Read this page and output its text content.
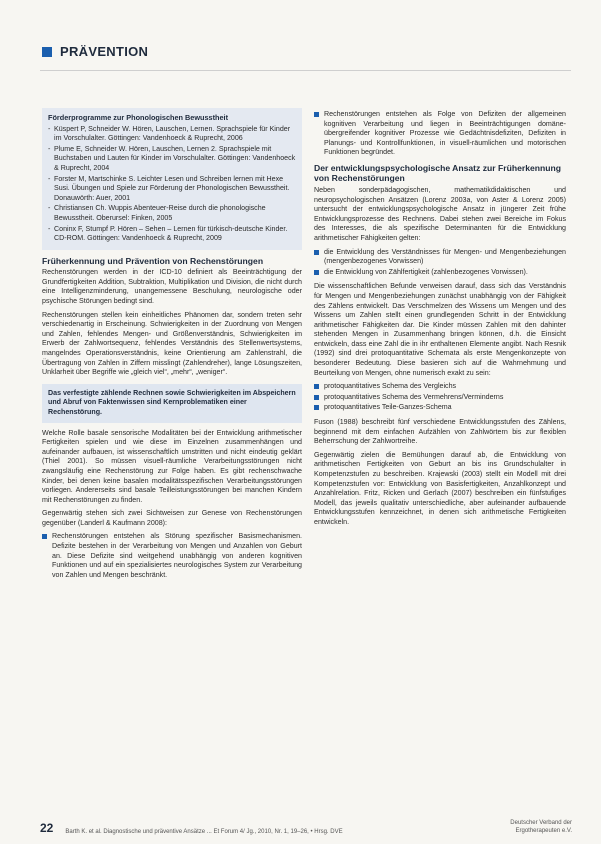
PRÄVENTION
Förderprogramme zur Phonologischen Bewusstheit
- Küspert P, Schneider W. Hören, Lauschen, Lernen. Sprachspiele für Kinder im Vorschulalter. Göttingen: Vandenhoeck & Ruprecht, 2006
- Plume E, Schneider W. Hören, Lauschen, Lernen 2. Sprachspiele mit Buchstaben und Lauten für Kinder im Vorschulalter. Göttingen: Vandenhoeck & Ruprecht, 2004
- Forster M, Martschinke S. Leichter Lesen und Schreiben lernen mit Hexe Susi. Übungen und Spiele zur Förderung der Phonologischen Bewusstheit. Donauwörth: Auer, 2001
- Christiansen Ch. Wuppis Abenteuer-Reise durch die phonologische Bewusstheit. Oberursel: Finken, 2005
- Coninx F, Stumpf P. Hören – Sehen – Lernen für türkisch-deutsche Kinder. CD-ROM. Göttingen: Vandenhoeck & Ruprecht, 2009
Früherkennung und Prävention von Rechenstörungen

Rechenstörungen werden in der ICD-10 definiert als Beeinträchtigung der Grundfertigkeiten Addition, Subtraktion, Multiplikation und Division, die nicht durch eine Intelligenzminderung, unangemessene Beschulung, neurologische oder psychische Störungen bedingt sind.

Rechenstörungen stellen kein einheitliches Phänomen dar, sondern treten sehr verschiedenartig in Erscheinung. Schwierigkeiten in der Zuordnung von Mengen und Zahlen, fehlendes Mengen- und Größenverständnis, Schwierigkeiten im Erwerb der Zahlwortsequenz, fehlendes Verständnis des Stellenwertsystems, mangelndes Operationsverständnis, keine Orientierung am Zahlenstrahl, die Übertragung von Zahlen in Ziffern misslingt (Zahlendreher), lange Lösungszeiten, Unklarheit über Begriffe wie „gleich viel“, „mehr“, „weniger“.

Das verfestigte zählende Rechnen sowie Schwierigkeiten im Abspeichern und Abruf von Faktenwissen sind Kernproblematiken einer Rechenstörung.

Welche Rolle basale sensorische Modalitäten bei der Entwicklung arithmetischer Fertigkeiten spielen und wie diese im Einzelnen zusammenhängen und aufeinander aufbauen, ist wissenschaftlich umstritten und nicht eindeutig geklärt (Thiel 2001). So müssen visuell-räumliche Verarbeitungsstörungen nicht zwangsläufig eine Rechenstörung zur Folge haben. Es gibt rechenschwache Kinder, bei denen keine basalen modalitätsspezifischen Verarbeitungsstörungen vorliegen. Andererseits sind basale Teilleistungsstörungen bei manchen Kindern mit Rechenstörungen zu finden.

Gegenwärtig stehen sich zwei Sichtweisen zur Genese von Rechenstörungen gegenüber (Landerl & Kaufmann 2008):

Rechenstörungen entstehen als Störung spezifischer Basismechanismen. Defizite bestehen in der Verarbeitung von Mengen und Anzahlen von Geburt an. Diese Defizite sind weitgehend unabhängig von anderen kognitiven Funktionen und auf ein spezialisiertes neurologisches System zur Verarbeitung von Zahlen und Mengen beschränkt.
Rechenstörungen entstehen als Folge von Defiziten der allgemeinen kognitiven Verarbeitung und liegen in Beeinträchtigungen domäne-übergreifender kognitiver Prozesse wie Gedächtnisdefiziten, Defiziten in Planungs- und Kontrollfunktionen, in visuell-räumlichen und motorischen Funktionen begründet.
Der entwicklungspsychologische Ansatz zur Früherkennung von Rechenstörungen

Neben sonderpädagogischen, mathematikdidaktischen und neuropsychologischen Ansätzen (Lorenz 2003a, von Aster & Lorenz 2005) untersucht der entwicklungspsychologische Ansatz in jüngerer Zeit frühe Entwicklungsprozesse des Rechnens. Dabei stehen zwei Bereiche im Fokus des Interesses, die als spezifische Determinanten für die Entwicklung arithmetischer Fähigkeiten gelten:

die Entwicklung des Verständnisses für Mengen- und Mengenbeziehungen (mengenbezogenes Vorwissen)
die Entwicklung von Zählfertigkeit (zahlenbezogenes Vorwissen).

Die wissenschaftlichen Befunde verweisen darauf, dass sich das Verständnis für Mengen und Mengenbeziehungen zunächst unabhängig von der Fähigkeit des Zählens entwickelt. Das Verschmelzen des Wissens um Mengen und des Wissens um Zahlen stellt einen grundlegenden Schritt in der Entwicklung arithmetischer Fähigkeiten dar. Die Kinder müssen Zahlen mit den dahinter stehenden Mengen in Zusammenhang bringen können, d.h. die Einsicht entwickeln, dass eine Zahl die in ihr enthaltenen Elemente angibt. Nach Resnik (1992) sind drei protoquantitative Schemata als erste Mengenkonzepte von besonderer Bedeutung. Diese basieren sich auf die Wahrnehmung und Beurteilung von Mengen, ohne numerisch exakt zu sein:

protoquantitatives Schema des Vergleichs
protoquantitatives Schema des Vermehrens/Verminderns
protoquantitatives Teile-Ganzes-Schema

Fuson (1988) beschreibt fünf verschiedene Entwicklungsstufen des Zählens, beginnend mit dem einfachen Aufzählen von Zahlwörtern bis zur flexiblen Beherrschung der Zahlwortreihe.

Gegenwärtig zielen die Bemühungen darauf ab, die Entwicklung von arithmetischen Fertigkeiten von Geburt an bis ins Grundschulalter in Kompetenzstufen zu beschreiben. Krajewski (2003) stellt ein Modell mit drei Kompetenzstufen vor: Entwicklung von Basisfertigkeiten, Anzahlkonzept und Anzahlrelation. Fritz, Ricken und Gerlach (2007) beschreiben ein fünfstufiges Modell, das jeweils qualitativ unterschiedliche, aber aufeinander aufbauende Entwicklungsstufen kennzeichnet, in denen sich arithmetische Fertigkeiten entwickeln.

22 Barth K. et al. Diagnostische und präventive Ansätze ... Et Forum 4/ Jg., 2010, Nr. 1, 19–26, • Hrsg. DVE
Deutscher Verband der
Ergotherapeuten e.V.
